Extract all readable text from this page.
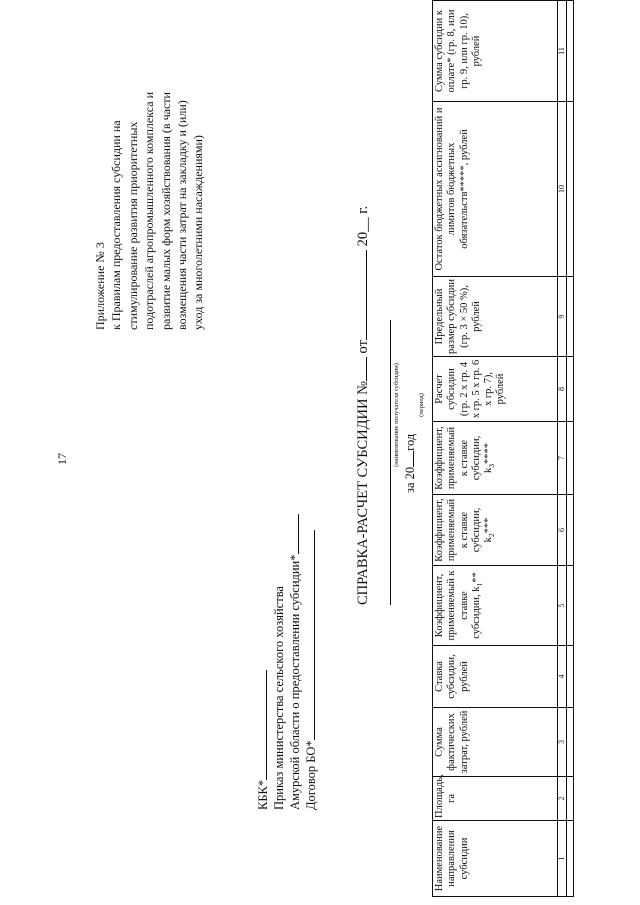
17
Приложение № 3 к Правилам предоставления субсидии на стимулирование развития приоритетных подотраслей агропромышленного комплекса и развитие малых форм хозяйствования (в части возмещения части затрат на закладку и (или) уход за многолетними насаждениями)
КБК* Приказ министерства сельского хозяйства Амурской области о предоставлении субсидии* Договор БО*
СПРАВКА-РАСЧЕТ СУБСИДИИ № от 20__ г.
(наименование получателя субсидии)
за 20год
(период)
Наименование направления субсидии	Площадь, га	Сумма фактических затрат, рублей	Ставка субсидии, рублей	Коэффициент, применяемый к ставке субсидии, $k_1**$	Коэффициент, применяемый к ставке субсидии, $k_2***$	Коэффициент, применяемый к ставке субсидии, $k_3****$	Расчет субсидии (гр. 2 x гр. 4 x гр. 5 x гр. 6 x гр. 7), рублей	Предельный размер субсидии (гр. 3 × 50 %), рублей	Остаток бюджетных ассигнований и лимитов бюджетных обязательств*****, рублей	Сумма субсидии к оплате* (гр. 8, или гр. 9, или гр. 10), рублей
1	2	3	4	5	6	7	8	9	10	11
